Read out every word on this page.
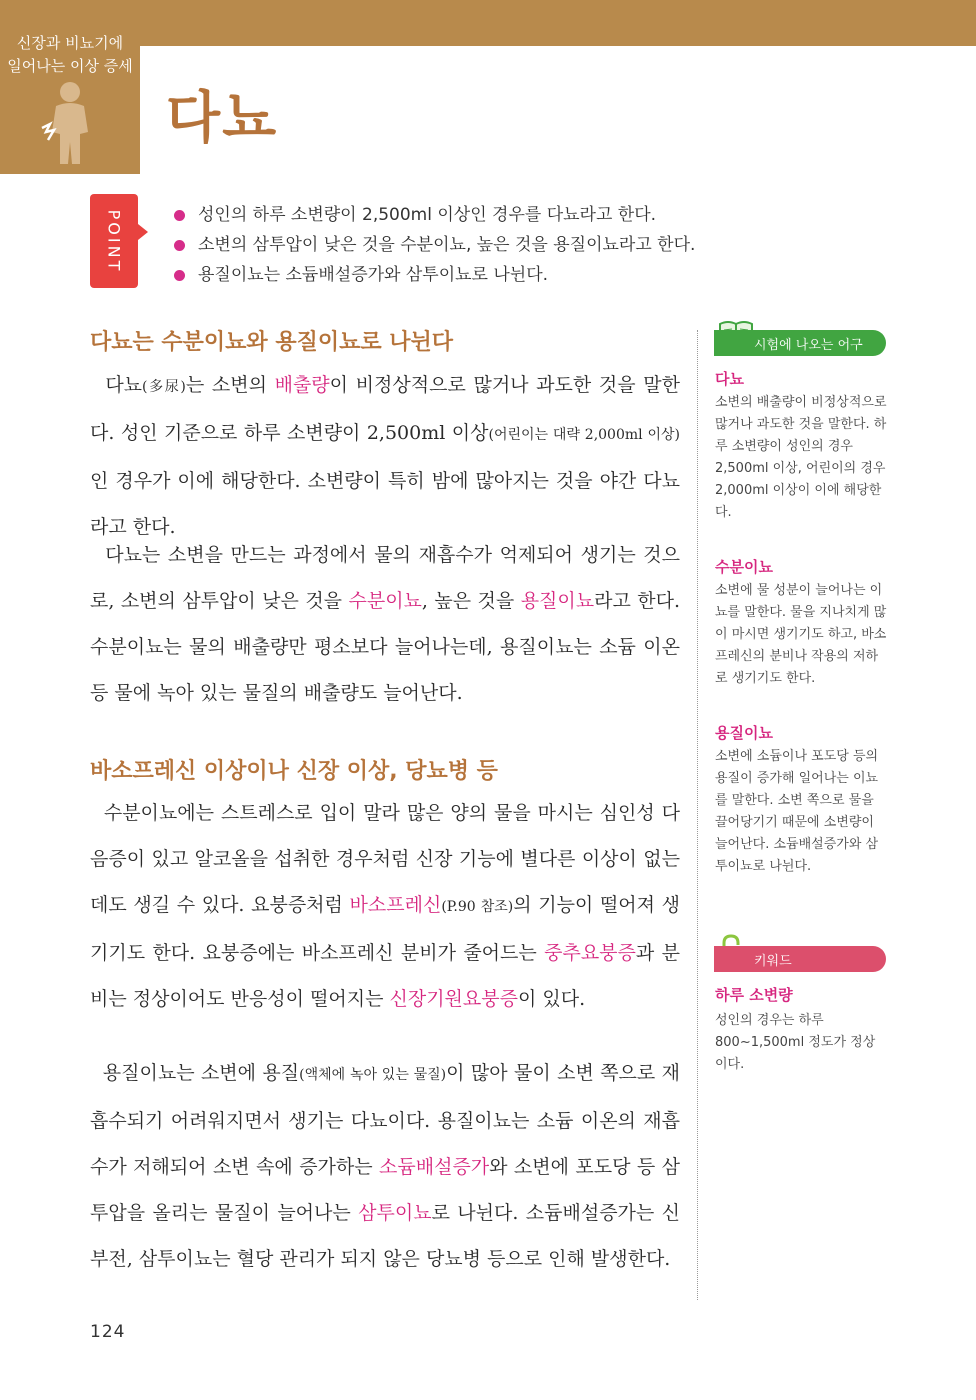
신장과 비뇨기에
일어나는 이상 증세
다뇨
POINT	성인의 하루 소변량이 2,500ml 이상인 경우를 다뇨라고 한다.
소변의 삼투압이 낮은 것을 수분이뇨, 높은 것을 용질이뇨라고 한다.
용질이뇨는 소듐배설증가와 삼투이뇨로 나뉜다.
다뇨는 수분이뇨와 용질이뇨로 나뉜다
다뇨(多尿)는 소변의 배출량이 비정상적으로 많거나 과도한 것을 말한다. 성인 기준으로 하루 소변량이 2,500ml 이상(어린이는 대략 2,000ml 이상)인 경우가 이에 해당한다. 소변량이 특히 밤에 많아지는 것을 야간 다뇨라고 한다.
다뇨는 소변을 만드는 과정에서 물의 재흡수가 억제되어 생기는 것으로, 소변의 삼투압이 낮은 것을 수분이뇨, 높은 것을 용질이뇨라고 한다. 수분이뇨는 물의 배출량만 평소보다 늘어나는데, 용질이뇨는 소듐 이온 등 물에 녹아 있는 물질의 배출량도 늘어난다.
바소프레신 이상이나 신장 이상, 당뇨병 등
수분이뇨에는 스트레스로 입이 말라 많은 양의 물을 마시는 심인성 다음증이 있고 알코올을 섭취한 경우처럼 신장 기능에 별다른 이상이 없는데도 생길 수 있다. 요붕증처럼 바소프레신(P.90 참조)의 기능이 떨어져 생기기도 한다. 요붕증에는 바소프레신 분비가 줄어드는 중추요붕증과 분비는 정상이어도 반응성이 떨어지는 신장기원요붕증이 있다.
용질이뇨는 소변에 용질(액체에 녹아 있는 물질)이 많아 물이 소변 쪽으로 재흡수되기 어려워지면서 생기는 다뇨이다. 용질이뇨는 소듐 이온의 재흡수가 저해되어 소변 속에 증가하는 소듐배설증가와 소변에 포도당 등 삼투압을 올리는 물질이 늘어나는 삼투이뇨로 나뉜다. 소듐배설증가는 신부전, 삼투이뇨는 혈당 관리가 되지 않은 당뇨병 등으로 인해 발생한다.
시험에 나오는 어구
다뇨
소변의 배출량이 비정상적으로 많거나 과도한 것을 말한다. 하루 소변량이 성인의 경우 2,500ml 이상, 어린이의 경우 2,000ml 이상이 이에 해당한다.
수분이뇨
소변에 물 성분이 늘어나는 이뇨를 말한다. 물을 지나치게 많이 마시면 생기기도 하고, 바소프레신의 분비나 작용의 저하로 생기기도 한다.
용질이뇨
소변에 소듐이나 포도당 등의 용질이 증가해 일어나는 이뇨를 말한다. 소변 쪽으로 물을 끌어당기기 때문에 소변량이 늘어난다. 소듐배설증가와 삼투이뇨로 나뉜다.
키워드
하루 소변량
성인의 경우는 하루 800~1,500ml 정도가 정상이다.
124
